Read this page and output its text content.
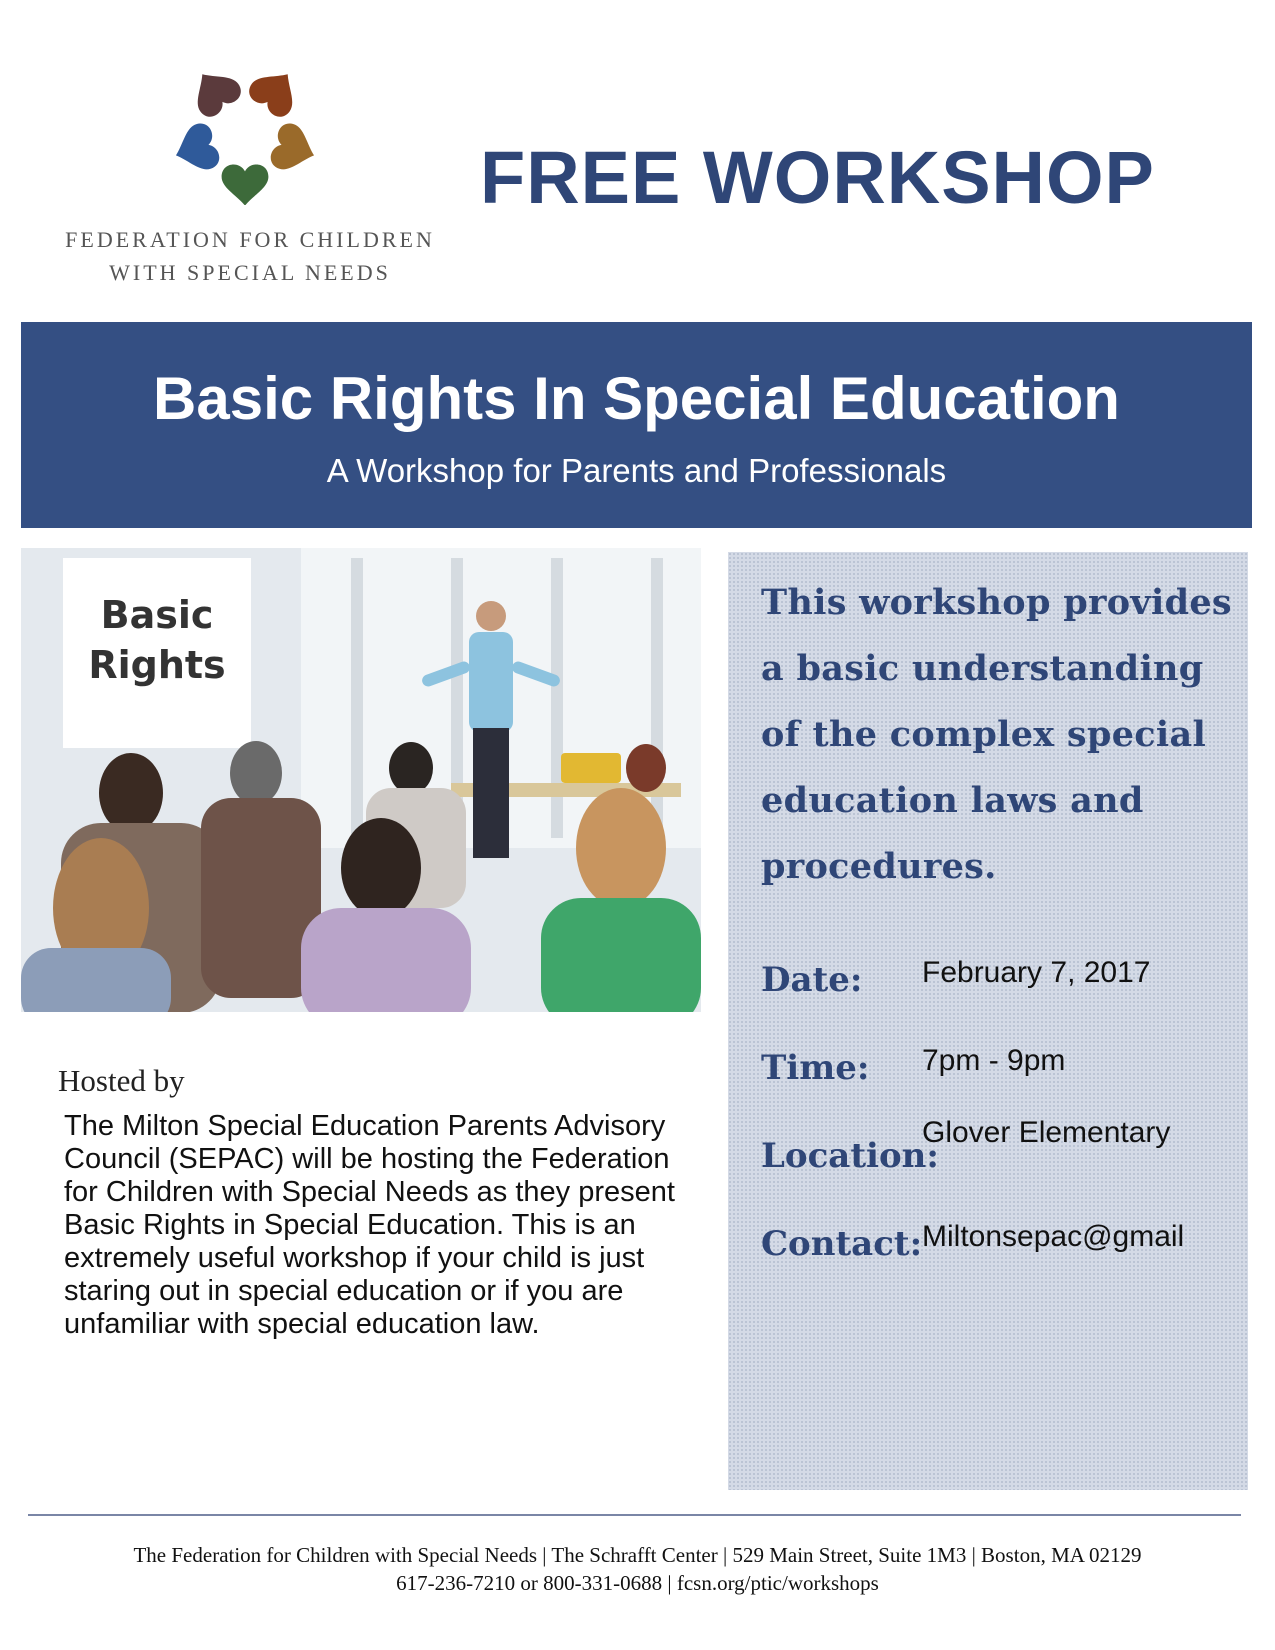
FEDERATION FOR CHILDREN
WITH SPECIAL NEEDS
FREE WORKSHOP
Basic Rights In Special Education
A Workshop for Parents and Professionals
Basic
Rights
Hosted by
The Milton Special Education Parents Advisory Council (SEPAC) will be hosting the Federation for Children with Special Needs as they present Basic Rights in Special Education. This is an extremely useful workshop if your child is just staring out in special education or if you are unfamiliar with special education law.
This workshop provides a basic understanding of the complex special education laws and procedures.
Date: February 7, 2017
Time: 7pm - 9pm
Location:
Glover Elementary
Contact: Miltonsepac@gmail
The Federation for Children with Special Needs | The Schrafft Center | 529 Main Street, Suite 1M3 | Boston, MA 02129
617-236-7210 or 800-331-0688 | fcsn.org/ptic/workshops
